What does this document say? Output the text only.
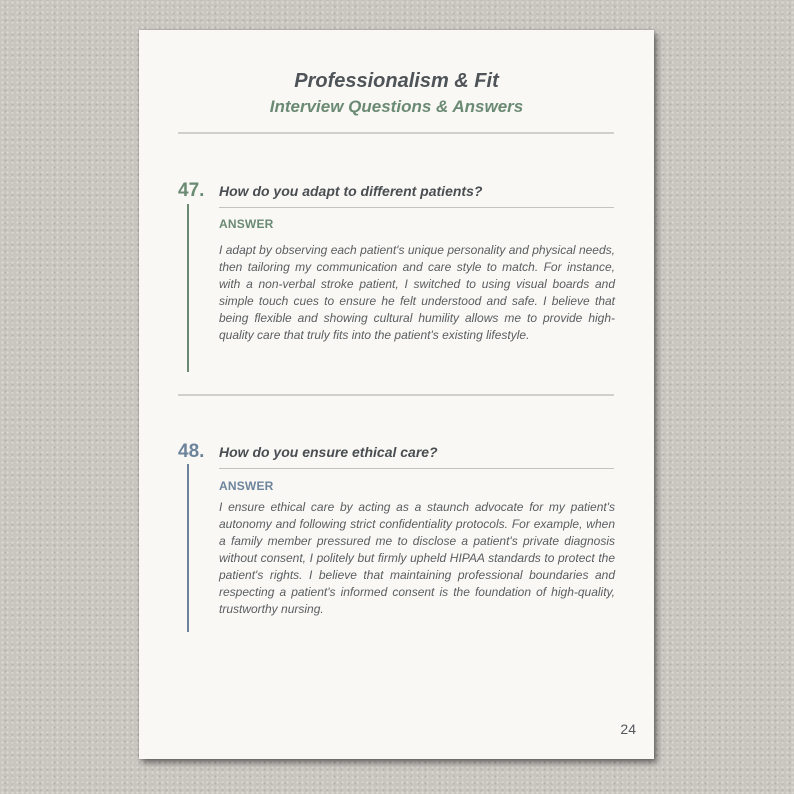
Professionalism & Fit
Interview Questions & Answers
47. How do you adapt to different patients?
ANSWER
I adapt by observing each patient's unique personality and physical needs, then tailoring my communication and care style to match. For instance, with a non-verbal stroke patient, I switched to using visual boards and simple touch cues to ensure he felt understood and safe. I believe that being flexible and showing cultural humility allows me to provide high-quality care that truly fits into the patient's existing lifestyle.
48. How do you ensure ethical care?
ANSWER
I ensure ethical care by acting as a staunch advocate for my patient's autonomy and following strict confidentiality protocols. For example, when a family member pressured me to disclose a patient's private diagnosis without consent, I politely but firmly upheld HIPAA standards to protect the patient's rights. I believe that maintaining professional boundaries and respecting a patient's informed consent is the foundation of high-quality, trustworthy nursing.
24
